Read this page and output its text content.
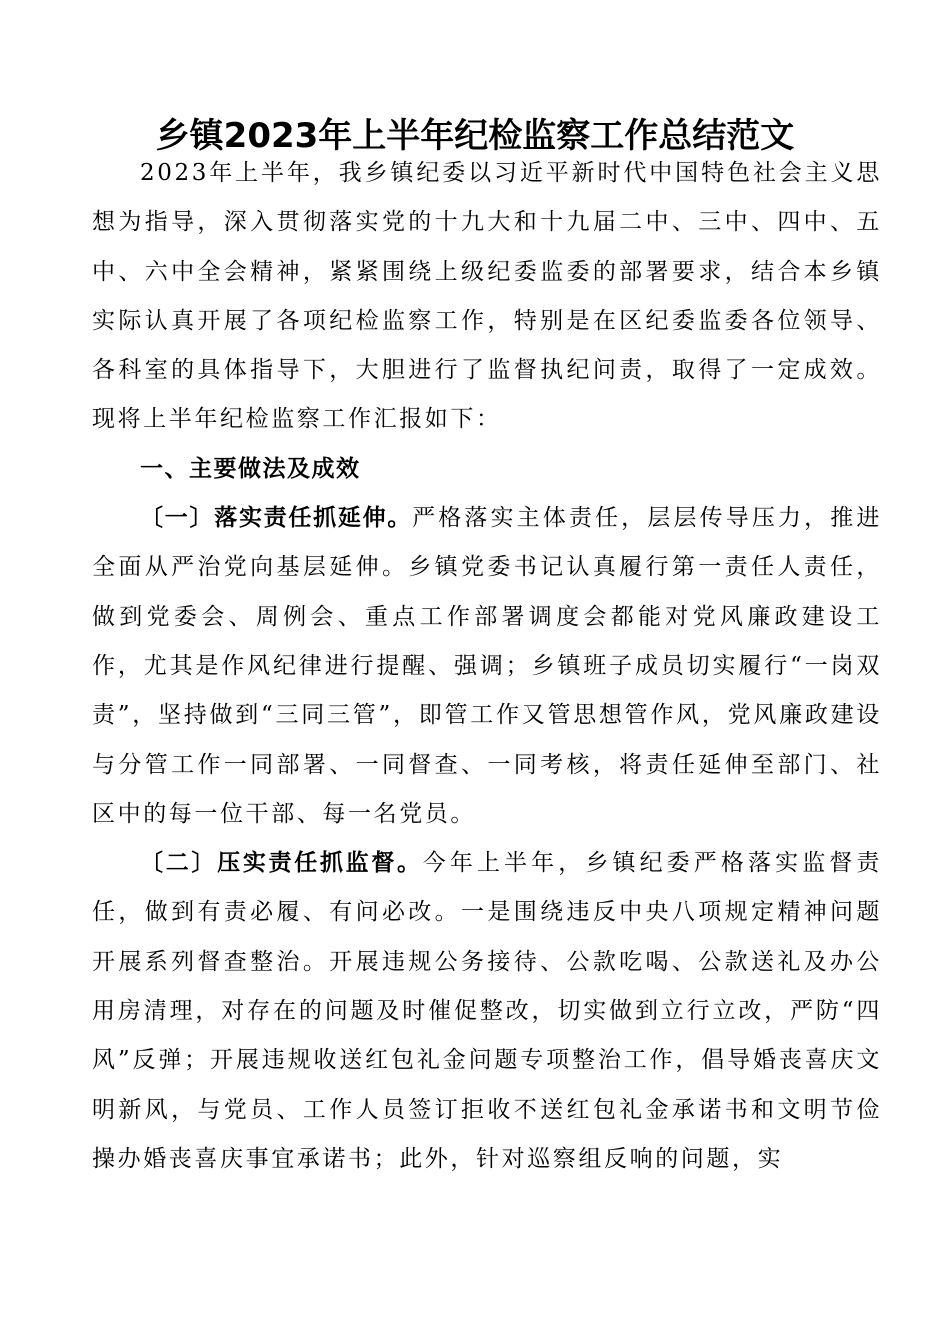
乡镇2023年上半年纪检监察工作总结范文

2023年上半年，我乡镇纪委以习近平新时代中国特色社会主义思想为指导，深入贯彻落实党的十九大和十九届二中、三中、四中、五中、六中全会精神，紧紧围绕上级纪委监委的部署要求，结合本乡镇实际认真开展了各项纪检监察工作，特别是在区纪委监委各位领导、各科室的具体指导下，大胆进行了监督执纪问责，取得了一定成效。现将上半年纪检监察工作汇报如下：

一、主要做法及成效

〔一〕落实责任抓延伸。严格落实主体责任，层层传导压力，推进全面从严治党向基层延伸。乡镇党委书记认真履行第一责任人责任，做到党委会、周例会、重点工作部署调度会都能对党风廉政建设工作，尤其是作风纪律进行提醒、强调；乡镇班子成员切实履行“一岗双责”，坚持做到“三同三管”，即管工作又管思想管作风，党风廉政建设与分管工作一同部署、一同督查、一同考核，将责任延伸至部门、社区中的每一位干部、每一名党员。

〔二〕压实责任抓监督。今年上半年，乡镇纪委严格落实监督责任，做到有责必履、有问必改。一是围绕违反中央八项规定精神问题开展系列督查整治。开展违规公务接待、公款吃喝、公款送礼及办公用房清理，对存在的问题及时催促整改，切实做到立行立改，严防“四风”反弹；开展违规收送红包礼金问题专项整治工作，倡导婚丧喜庆文明新风，与党员、工作人员签订拒收不送红包礼金承诺书和文明节俭操办婚丧喜庆事宜承诺书；此外，针对巡察组反响的问题，实
